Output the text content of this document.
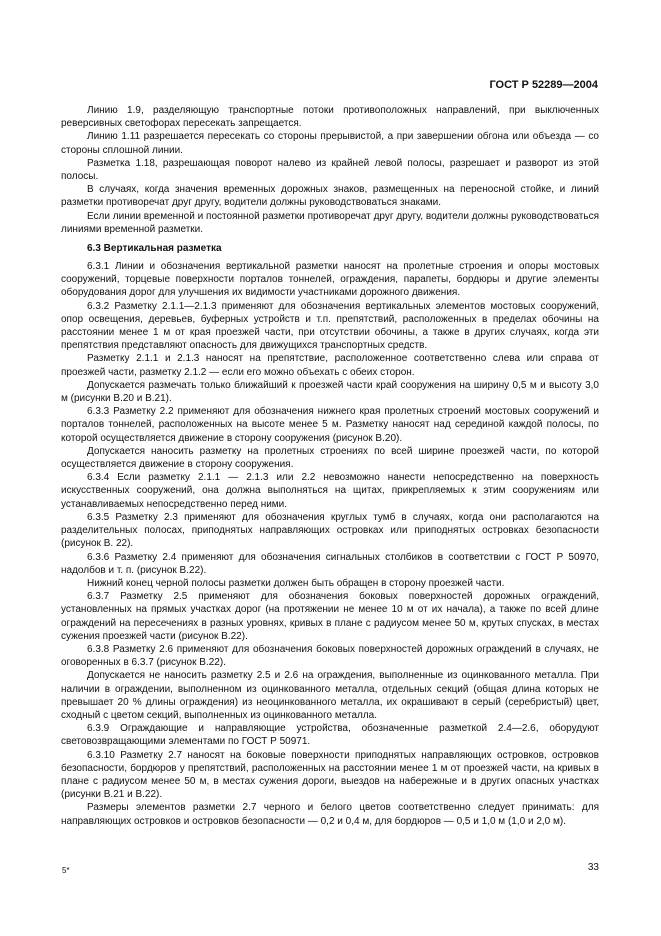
ГОСТ Р 52289—2004

Линию 1.9, разделяющую транспортные потоки противоположных направлений, при выключенных реверсивных светофорах пересекать запрещается.

Линию 1.11 разрешается пересекать со стороны прерывистой, а при завершении обгона или объезда — со стороны сплошной линии.

Разметка 1.18, разрешающая поворот налево из крайней левой полосы, разрешает и разворот из этой полосы.

В случаях, когда значения временных дорожных знаков, размещенных на переносной стойке, и линий разметки противоречат друг другу, водители должны руководствоваться знаками.

Если линии временной и постоянной разметки противоречат друг другу, водители должны руководствоваться линиями временной разметки.

6.3 Вертикальная разметка

6.3.1 Линии и обозначения вертикальной разметки наносят на пролетные строения и опоры мостовых сооружений, торцевые поверхности порталов тоннелей, ограждения, парапеты, бордюры и другие элементы оборудования дорог для улучшения их видимости участниками дорожного движения.

6.3.2 Разметку 2.1.1—2.1.3 применяют для обозначения вертикальных элементов мостовых сооружений, опор освещения, деревьев, буферных устройств и т.п. препятствий, расположенных в пределах обочины на расстоянии менее 1 м от края проезжей части, при отсутствии обочины, а также в других случаях, когда эти препятствия представляют опасность для движущихся транспортных средств.

Разметку 2.1.1 и 2.1.3 наносят на препятствие, расположенное соответственно слева или справа от проезжей части, разметку 2.1.2 — если его можно объехать с обеих сторон.

Допускается размечать только ближайший к проезжей части край сооружения на ширину 0,5 м и высоту 3,0 м (рисунки В.20 и В.21).

6.3.3 Разметку 2.2 применяют для обозначения нижнего края пролетных строений мостовых сооружений и порталов тоннелей, расположенных на высоте менее 5 м. Разметку наносят над серединой каждой полосы, по которой осуществляется движение в сторону сооружения (рисунок В.20).

Допускается наносить разметку на пролетных строениях по всей ширине проезжей части, по которой осуществляется движение в сторону сооружения.

6.3.4 Если разметку 2.1.1 — 2.1.3 или 2.2 невозможно нанести непосредственно на поверхность искусственных сооружений, она должна выполняться на щитах, прикрепляемых к этим сооружениям или устанавливаемых непосредственно перед ними.

6.3.5 Разметку 2.3 применяют для обозначения круглых тумб в случаях, когда они располагаются на разделительных полосах, приподнятых направляющих островках или приподнятых островках безопасности (рисунок В. 22).

6.3.6 Разметку 2.4 применяют для обозначения сигнальных столбиков в соответствии с ГОСТ Р 50970, надолбов и т. п. (рисунок В.22).

Нижний конец черной полосы разметки должен быть обращен в сторону проезжей части.

6.3.7 Разметку 2.5 применяют для обозначения боковых поверхностей дорожных ограждений, установленных на прямых участках дорог (на протяжении не менее 10 м от их начала), а также по всей длине ограждений на пересечениях в разных уровнях, кривых в плане с радиусом менее 50 м, крутых спусках, в местах сужения проезжей части (рисунок В.22).

6.3.8 Разметку 2.6 применяют для обозначения боковых поверхностей дорожных ограждений в случаях, не оговоренных в 6.3.7 (рисунок В.22).

Допускается не наносить разметку 2.5 и 2.6 на ограждения, выполненные из оцинкованного металла. При наличии в ограждении, выполненном из оцинкованного металла, отдельных секций (общая длина которых не превышает 20 % длины ограждения) из неоцинкованного металла, их окрашивают в серый (серебристый) цвет, сходный с цветом секций, выполненных из оцинкованного металла.

6.3.9 Ограждающие и направляющие устройства, обозначенные разметкой 2.4—2.6, оборудуют световозвращающими элементами по ГОСТ Р 50971.

6.3.10 Разметку 2.7 наносят на боковые поверхности приподнятых направляющих островков, островков безопасности, бордюров у препятствий, расположенных на расстоянии менее 1 м от проезжей части, на кривых в плане с радиусом менее 50 м, в местах сужения дороги, выездов на набережные и в других опасных участках (рисунки В.21 и В.22).

Размеры элементов разметки 2.7 черного и белого цветов соответственно следует принимать: для направляющих островков и островков безопасности — 0,2 и 0,4 м, для бордюров — 0,5 и 1,0 м (1,0 и 2,0 м).

5*	33
